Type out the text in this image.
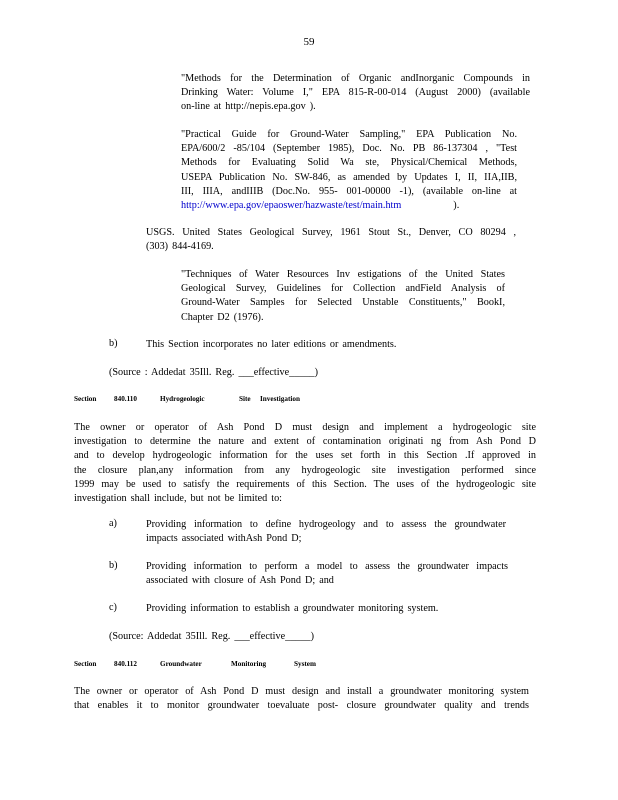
59
"Methods for the Determination of Organic andInorganic Compounds in
Drinking Water: Volume I," EPA 815-R-00-014 (August 2000) (available
on-line at http://nepis.epa.gov ).
"Practical Guide for Ground-Water Sampling," EPA Publication No.
EPA/600/2 -85/104 (September 1985), Doc. No. PB 86-137304 , "Test
Methods for Evaluating Solid Wa ste, Physical/Chemical Methods,
USEPA Publication No. SW-846, as amended by Updates I, II, IIA,IIB,
III, IIIA, andIIIB (Doc.No. 955- 001-00000 -1), (available on-line at
http://www.epa.gov/epaoswer/hazwaste/test/main.htm	).
USGS. United States Geological Survey, 1961 Stout St., Denver, CO 80294 ,
(303) 844-4169.
"Techniques of Water Resources Inv estigations of the United States
Geological Survey, Guidelines for Collection andField Analysis of
Ground-Water Samples for Selected Unstable Constituents," BookI,
Chapter D2 (1976).
b)	This Section incorporates no later editions or amendments.
(Source : Addedat 35Ill. Reg. ___effective_____)
Section 840.110	Hydrogeologic	Site Investigation
The owner or operator of Ash Pond D must design and implement a hydrogeologic site
investigation to determine the nature and extent of contamination originati ng from Ash Pond D
and to develop hydrogeologic information for the uses set forth in this Section .If approved in
the closure plan,any information from any hydrogeologic site investigation performed since
1999 may be used to satisfy the requirements of this Section. The uses of the hydrogeologic site
investigation shall include, but not be limited to:
a)	Providing information to define hydrogeology and to assess the groundwater
impacts associated withAsh Pond D;
b)	Providing information to perform a model to assess the groundwater impacts
associated with closure of Ash Pond D; and
c)	Providing information to establish a groundwater monitoring system.
(Source: Addedat 35Ill. Reg. ___effective_____)
Section 840.112	Groundwater	Monitoring	System
The owner or operator of Ash Pond D must design and install a groundwater monitoring system
that enables it to monitor groundwater toevaluate post- closure groundwater quality and trends
